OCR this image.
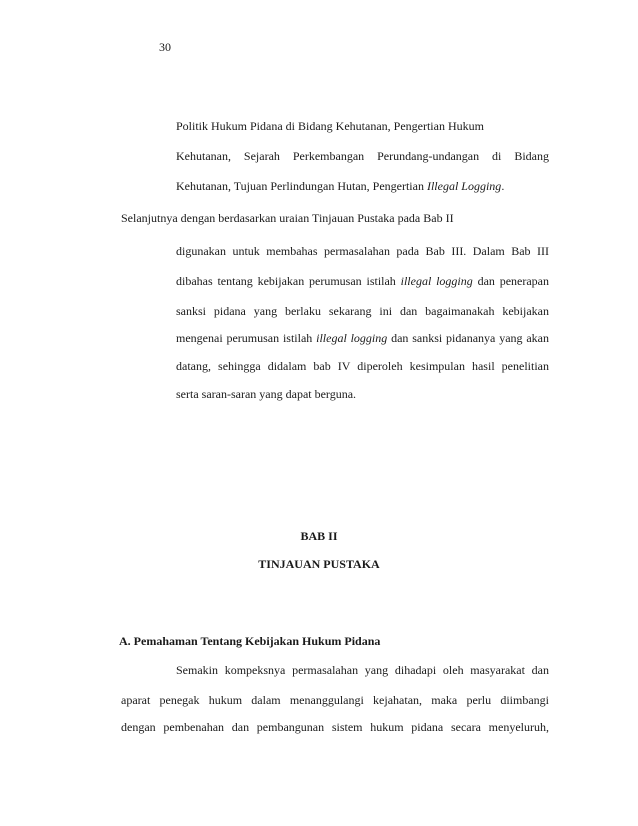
30
Politik Hukum Pidana di Bidang Kehutanan, Pengertian Hukum
Kehutanan, Sejarah Perkembangan Perundang-undangan di Bidang
Kehutanan, Tujuan Perlindungan Hutan, Pengertian Illegal Logging.
Selanjutnya dengan berdasarkan uraian Tinjauan Pustaka pada Bab II
digunakan untuk membahas permasalahan pada Bab III. Dalam Bab III
dibahas tentang kebijakan perumusan istilah illegal logging dan penerapan
sanksi pidana yang berlaku sekarang ini dan bagaimanakah kebijakan
mengenai perumusan istilah illegal logging dan sanksi pidananya yang akan
datang, sehingga didalam bab IV diperoleh kesimpulan hasil penelitian
serta saran-saran yang dapat berguna.
BAB II
TINJAUAN PUSTAKA
A. Pemahaman Tentang Kebijakan Hukum Pidana
Semakin kompeksnya permasalahan yang dihadapi oleh masyarakat dan
aparat penegak hukum dalam menanggulangi kejahatan, maka perlu diimbangi
dengan pembenahan dan pembangunan sistem hukum pidana secara menyeluruh,
